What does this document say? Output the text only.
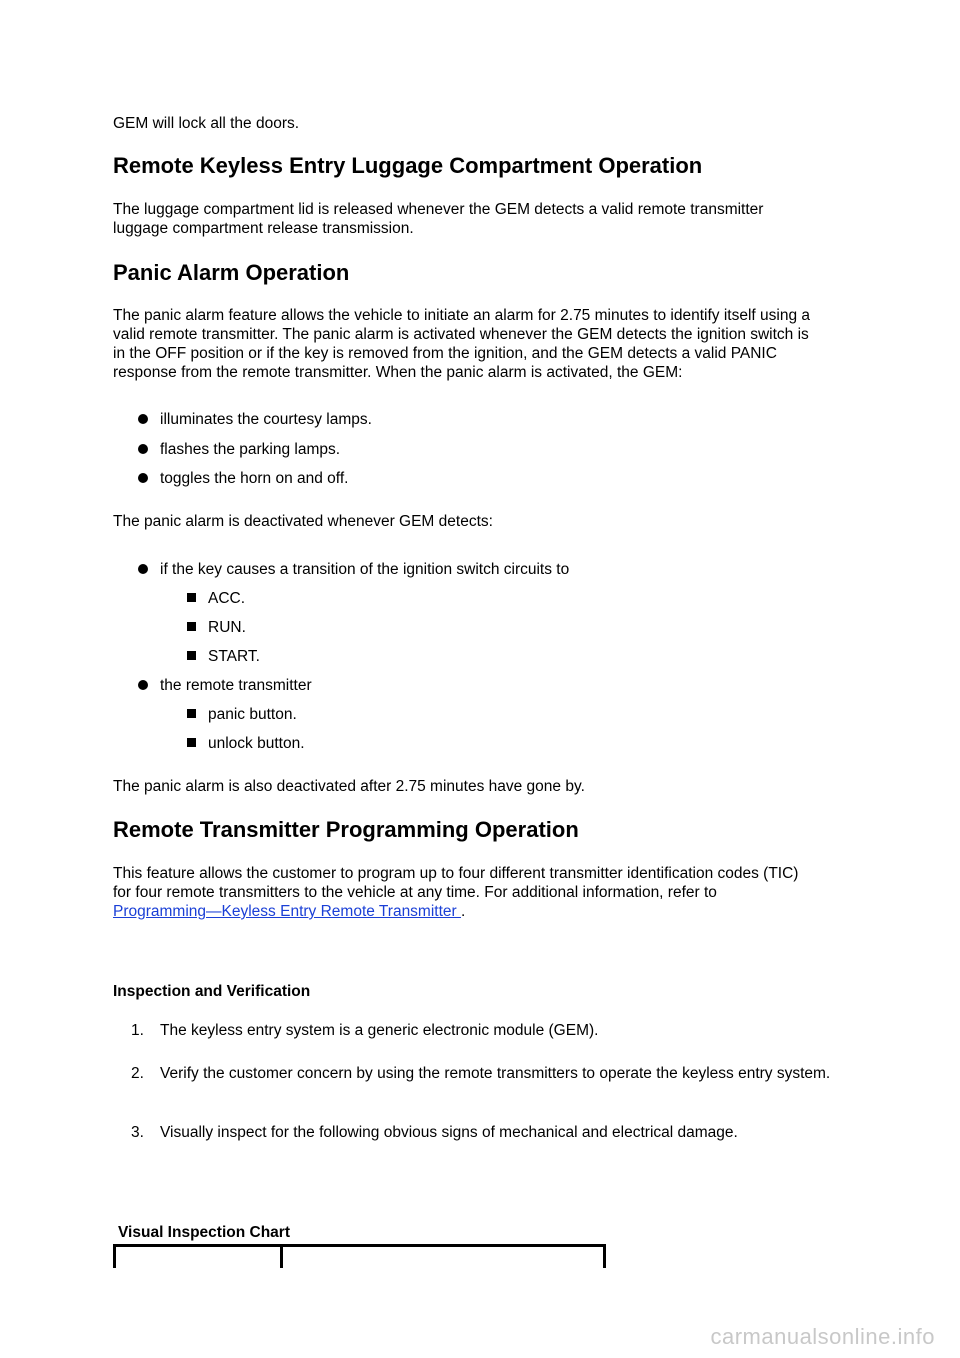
GEM will lock all the doors.

Remote Keyless Entry Luggage Compartment Operation

The luggage compartment lid is released whenever the GEM detects a valid remote transmitter

luggage compartment release transmission.

Panic Alarm Operation

The panic alarm feature allows the vehicle to initiate an alarm for 2.75 minutes to identify itself using a

valid remote transmitter. The panic alarm is activated whenever the GEM detects the ignition switch is

in the OFF position or if the key is removed from the ignition, and the GEM detects a valid PANIC

response from the remote transmitter. When the panic alarm is activated, the GEM:

illuminates the courtesy lamps.
flashes the parking lamps.
toggles the horn on and off.

The panic alarm is deactivated whenever GEM detects:

if the key causes a transition of the ignition switch circuits to
ACC.
RUN.
START.
the remote transmitter
panic button.
unlock button.

The panic alarm is also deactivated after 2.75 minutes have gone by.

Remote Transmitter Programming Operation

This feature allows the customer to program up to four different transmitter identification codes (TIC)

for four remote transmitters to the vehicle at any time. For additional information, refer to

Programming—Keyless Entry Remote Transmitter .

Inspection and Verification

1. The keyless entry system is a generic electronic module (GEM).
2. Verify the customer concern by using the remote transmitters to operate the keyless entry system.
3. Visually inspect for the following obvious signs of mechanical and electrical damage.

Visual Inspection Chart

carmanualsonline.info
